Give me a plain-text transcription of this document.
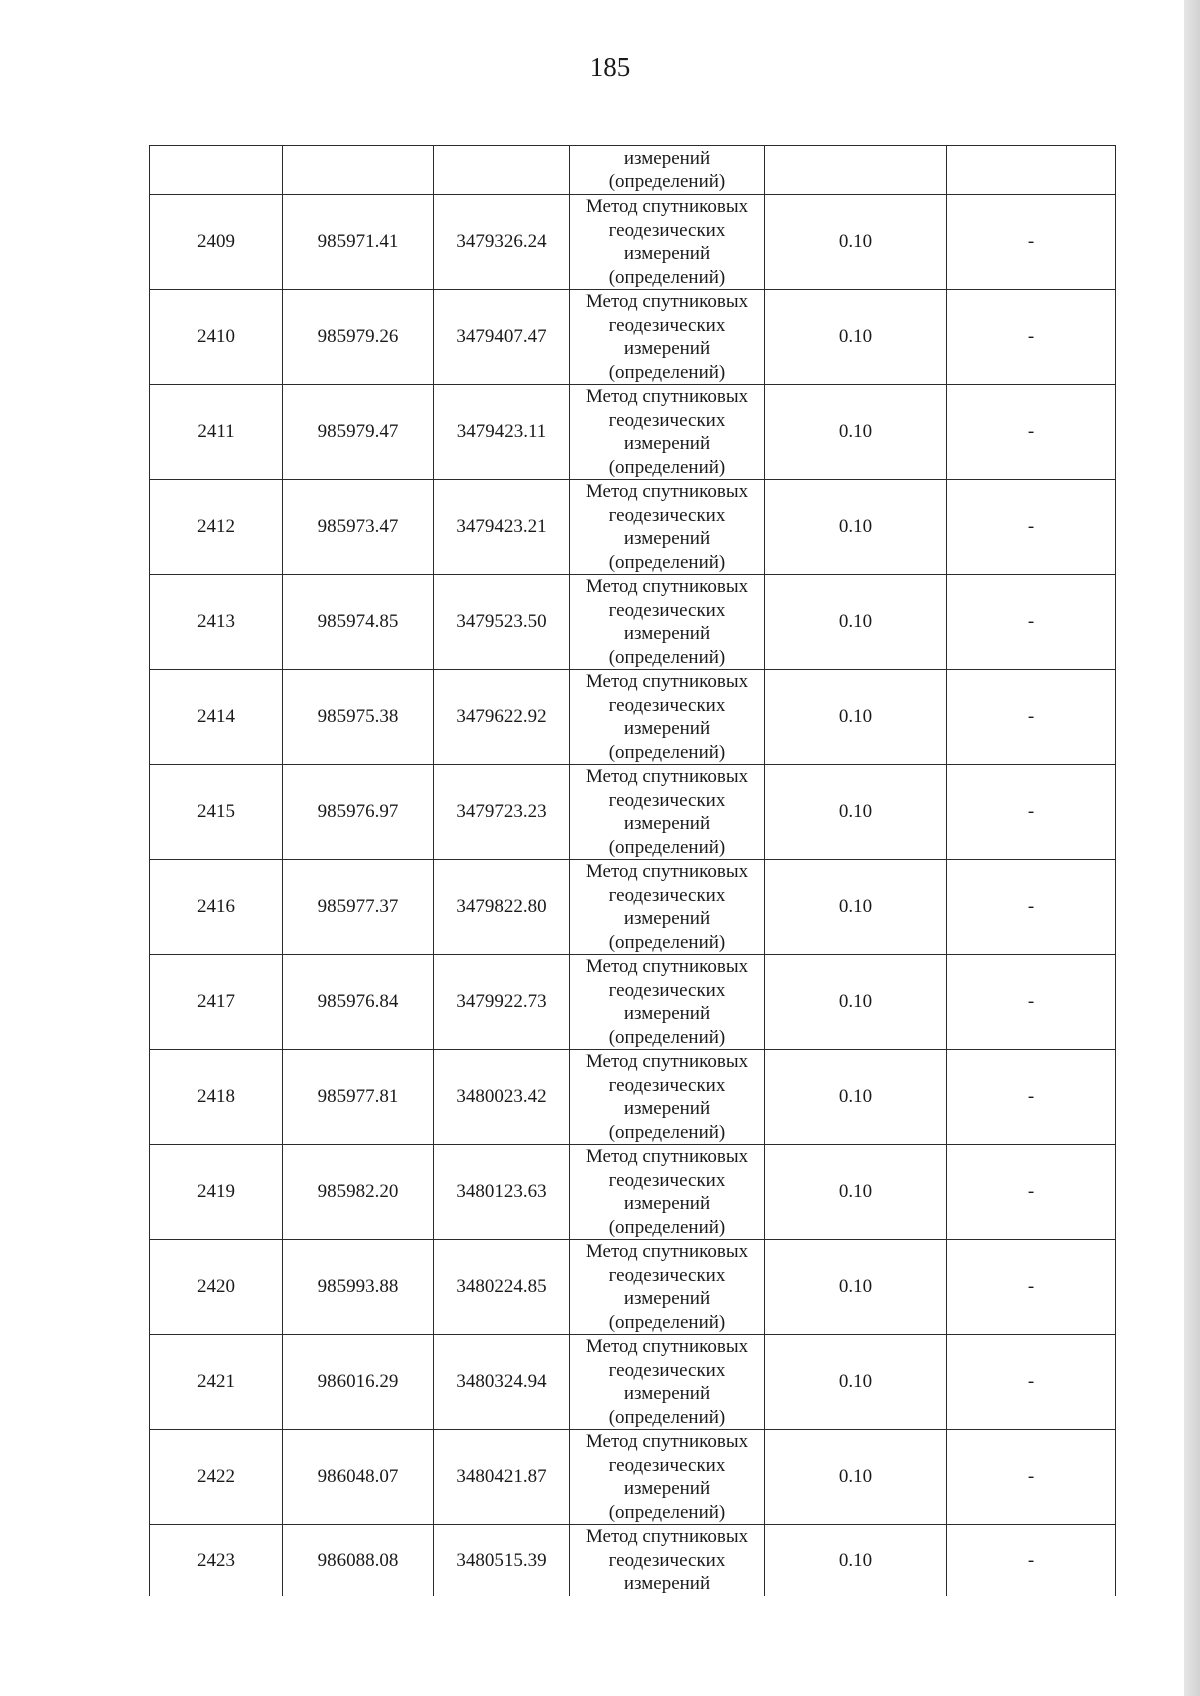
185

			измерений
(определений)		

2409	985971.41	3479326.24	Метод спутниковых
геодезических
измерений
(определений)	0.10	-
2410	985979.26	3479407.47	Метод спутниковых
геодезических
измерений
(определений)	0.10	-
2411	985979.47	3479423.11	Метод спутниковых
геодезических
измерений
(определений)	0.10	-
2412	985973.47	3479423.21	Метод спутниковых
геодезических
измерений
(определений)	0.10	-
2413	985974.85	3479523.50	Метод спутниковых
геодезических
измерений
(определений)	0.10	-
2414	985975.38	3479622.92	Метод спутниковых
геодезических
измерений
(определений)	0.10	-
2415	985976.97	3479723.23	Метод спутниковых
геодезических
измерений
(определений)	0.10	-
2416	985977.37	3479822.80	Метод спутниковых
геодезических
измерений
(определений)	0.10	-
2417	985976.84	3479922.73	Метод спутниковых
геодезических
измерений
(определений)	0.10	-
2418	985977.81	3480023.42	Метод спутниковых
геодезических
измерений
(определений)	0.10	-
2419	985982.20	3480123.63	Метод спутниковых
геодезических
измерений
(определений)	0.10	-
2420	985993.88	3480224.85	Метод спутниковых
геодезических
измерений
(определений)	0.10	-
2421	986016.29	3480324.94	Метод спутниковых
геодезических
измерений
(определений)	0.10	-
2422	986048.07	3480421.87	Метод спутниковых
геодезических
измерений
(определений)	0.10	-
2423	986088.08	3480515.39	Метод спутниковых
геодезических
измерений	0.10	-
